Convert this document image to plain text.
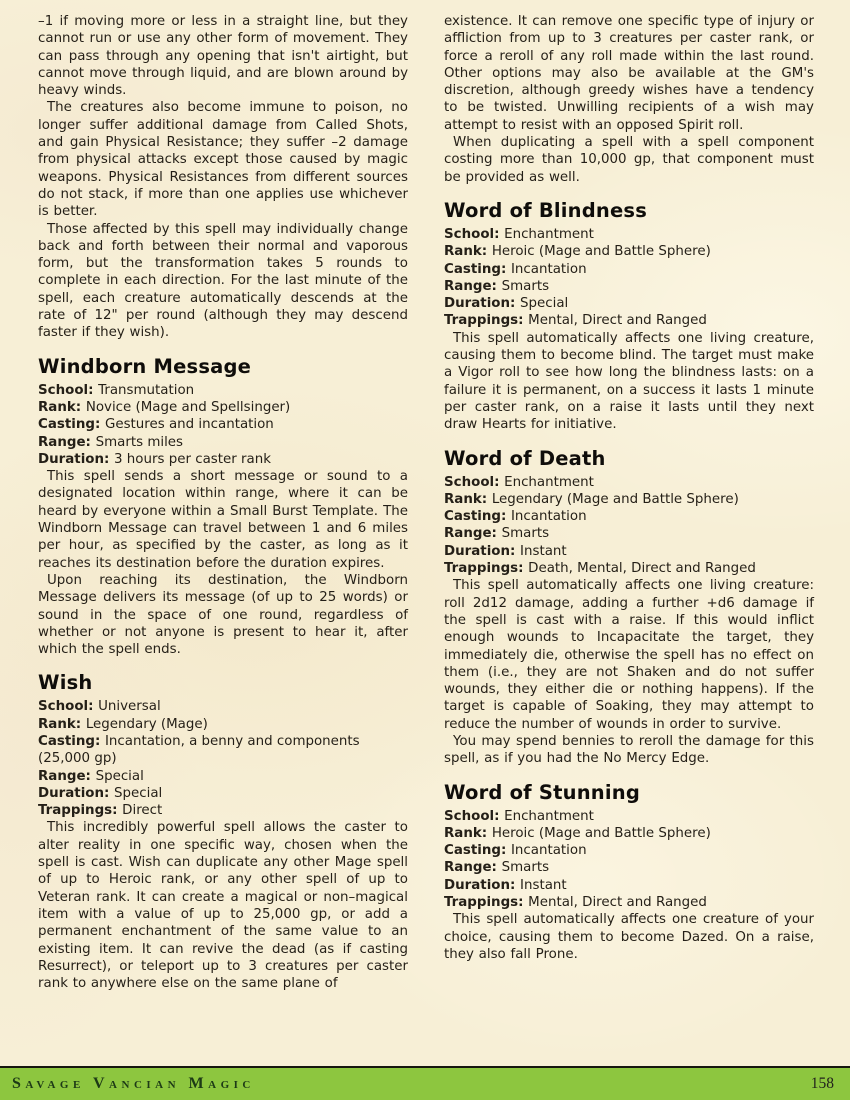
–1 if moving more or less in a straight line, but they cannot run or use any other form of movement. They can pass through any opening that isn't airtight, but cannot move through liquid, and are blown around by heavy winds.

The creatures also become immune to poison, no longer suffer additional damage from Called Shots, and gain Physical Resistance; they suffer –2 damage from physical attacks except those caused by magic weapons. Physical Resistances from different sources do not stack, if more than one applies use whichever is better.

Those affected by this spell may individually change back and forth between their normal and vaporous form, but the transformation takes 5 rounds to complete in each direction. For the last minute of the spell, each creature automatically descends at the rate of 12" per round (although they may descend faster if they wish).

Windborn Message
School: Transmutation
Rank: Novice (Mage and Spellsinger)
Casting: Gestures and incantation
Range: Smarts miles
Duration: 3 hours per caster rank

This spell sends a short message or sound to a designated location within range, where it can be heard by everyone within a Small Burst Template. The Windborn Message can travel between 1 and 6 miles per hour, as specified by the caster, as long as it reaches its destination before the duration expires.

Upon reaching its destination, the Windborn Message delivers its message (of up to 25 words) or sound in the space of one round, regardless of whether or not anyone is present to hear it, after which the spell ends.

Wish
School: Universal
Rank: Legendary (Mage)
Casting: Incantation, a benny and components (25,000 gp)
Range: Special
Duration: Special
Trappings: Direct

This incredibly powerful spell allows the caster to alter reality in one specific way, chosen when the spell is cast. Wish can duplicate any other Mage spell of up to Heroic rank, or any other spell of up to Veteran rank. It can create a magical or non–magical item with a value of up to 25,000 gp, or add a permanent enchantment of the same value to an existing item. It can revive the dead (as if casting Resurrect), or teleport up to 3 creatures per caster rank to anywhere else on the same plane of

existence. It can remove one specific type of injury or affliction from up to 3 creatures per caster rank, or force a reroll of any roll made within the last round. Other options may also be available at the GM's discretion, although greedy wishes have a tendency to be twisted. Unwilling recipients of a wish may attempt to resist with an opposed Spirit roll.

When duplicating a spell with a spell component costing more than 10,000 gp, that component must be provided as well.

Word of Blindness
School: Enchantment
Rank: Heroic (Mage and Battle Sphere)
Casting: Incantation
Range: Smarts
Duration: Special
Trappings: Mental, Direct and Ranged

This spell automatically affects one living creature, causing them to become blind. The target must make a Vigor roll to see how long the blindness lasts: on a failure it is permanent, on a success it lasts 1 minute per caster rank, on a raise it lasts until they next draw Hearts for initiative.

Word of Death
School: Enchantment
Rank: Legendary (Mage and Battle Sphere)
Casting: Incantation
Range: Smarts
Duration: Instant
Trappings: Death, Mental, Direct and Ranged

This spell automatically affects one living creature: roll 2d12 damage, adding a further +d6 damage if the spell is cast with a raise. If this would inflict enough wounds to Incapacitate the target, they immediately die, otherwise the spell has no effect on them (i.e., they are not Shaken and do not suffer wounds, they either die or nothing happens). If the target is capable of Soaking, they may attempt to reduce the number of wounds in order to survive.

You may spend bennies to reroll the damage for this spell, as if you had the No Mercy Edge.

Word of Stunning
School: Enchantment
Rank: Heroic (Mage and Battle Sphere)
Casting: Incantation
Range: Smarts
Duration: Instant
Trappings: Mental, Direct and Ranged

This spell automatically affects one creature of your choice, causing them to become Dazed. On a raise, they also fall Prone.

Savage Vancian Magic	158
